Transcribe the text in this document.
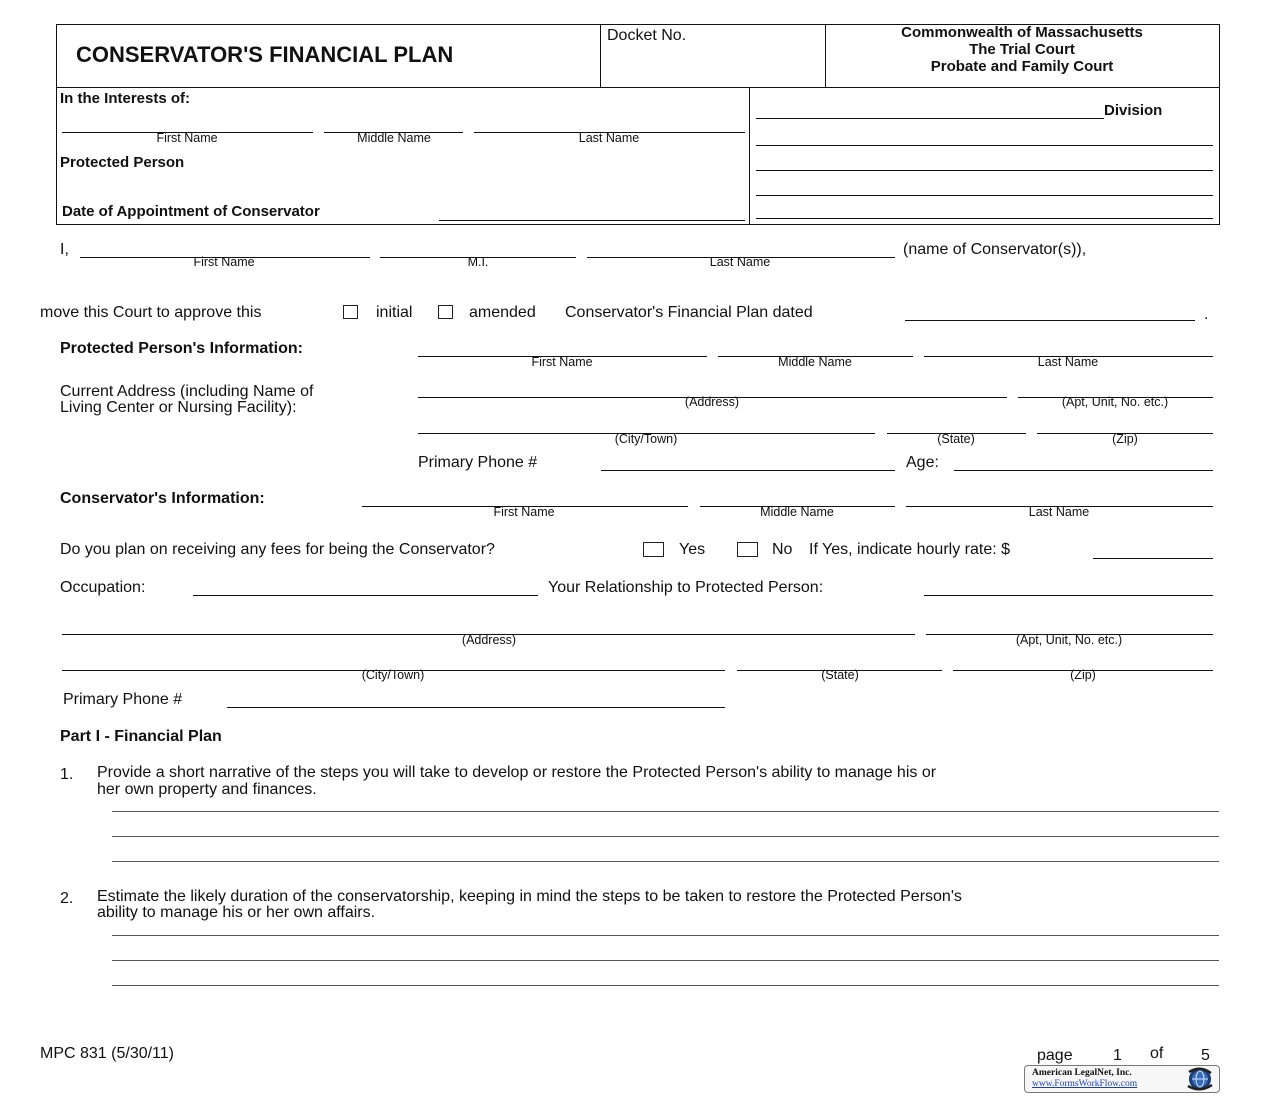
CONSERVATOR'S FINANCIAL PLAN
Docket No.	Commonwealth of Massachusetts
The Trial Court
Probate and Family Court
In the Interests of:
First Name	Middle Name	Last Name
Protected Person
Date of Appointment of Conservator
Division
I,
First Name	M.I.	Last Name
(name of Conservator(s)),
move this Court to approve this	initial	amended Conservator's Financial Plan dated	.
Protected Person's Information:
First Name	Middle Name	Last Name
Current Address (including Name of
Living Center or Nursing Facility):	(Address)	(Apt, Unit, No. etc.)
(City/Town)	(State)	(Zip)
Primary Phone #	Age:
Conservator's Information:
First Name	Middle Name	Last Name
Do you plan on receiving any fees for being the Conservator?	Yes	No If Yes, indicate hourly rate: $
Occupation:	Your Relationship to Protected Person:
(Address)	(Apt, Unit, No. etc.)
(City/Town)	(State)	(Zip)
Primary Phone #
Part I - Financial Plan
1. Provide a short narrative of the steps you will take to develop or restore the Protected Person's ability to manage his or
her own property and finances.
2. Estimate the likely duration of the conservatorship, keeping in mind the steps to be taken to restore the Protected Person's
ability to manage his or her own affairs.
MPC 831 (5/30/11)	page	1 of 5
American LegalNet, Inc.
www.FormsWorkFlow.com
